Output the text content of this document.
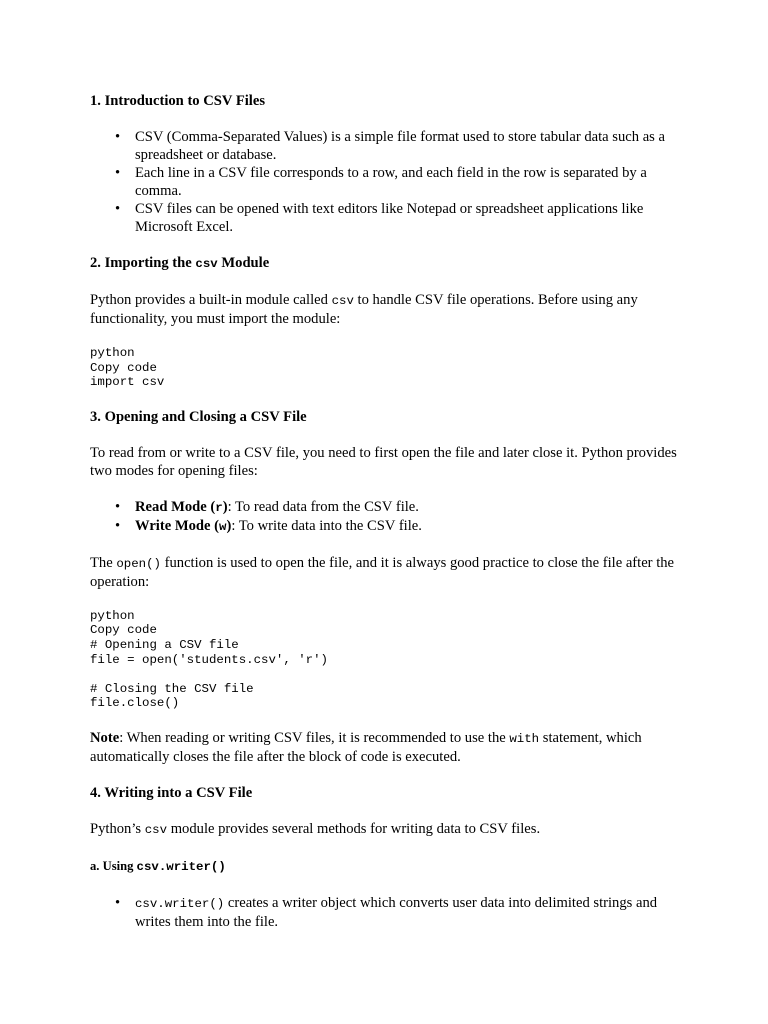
1. Introduction to CSV Files
• CSV (Comma-Separated Values) is a simple file format used to store tabular data such as a spreadsheet or database.
• Each line in a CSV file corresponds to a row, and each field in the row is separated by a comma.
• CSV files can be opened with text editors like Notepad or spreadsheet applications like Microsoft Excel.
2. Importing the csv Module

Python provides a built-in module called csv to handle CSV file operations. Before using any functionality, you must import the module:

python
Copy code
import csv
3. Opening and Closing a CSV File

To read from or write to a CSV file, you need to first open the file and later close it. Python provides two modes for opening files:

• Read Mode (r): To read data from the CSV file.
• Write Mode (w): To write data into the CSV file.

The open() function is used to open the file, and it is always good practice to close the file after the operation:

python
Copy code
# Opening a CSV file
file = open('students.csv', 'r')

# Closing the CSV file
file.close()

Note: When reading or writing CSV files, it is recommended to use the with statement, which automatically closes the file after the block of code is executed.

4. Writing into a CSV File

Python’s csv module provides several methods for writing data to CSV files.

a. Using csv.writer()
• csv.writer() creates a writer object which converts user data into delimited strings and writes them into the file.
